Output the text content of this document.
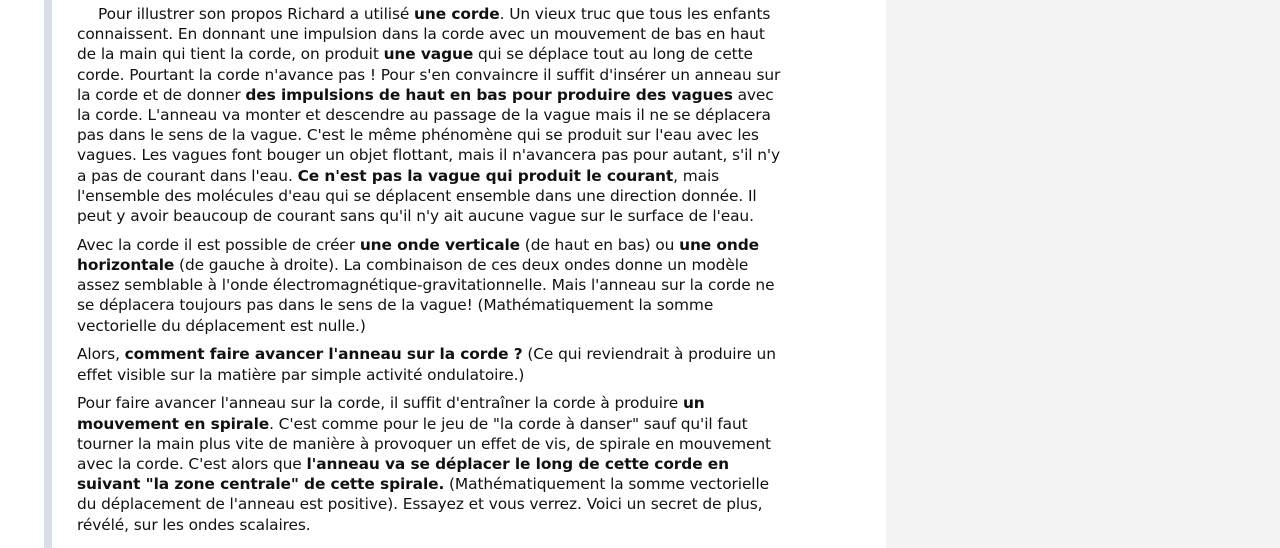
Pour illustrer son propos Richard a utilisé une corde. Un vieux truc que tous les enfants connaissent. En donnant une impulsion dans la corde avec un mouvement de bas en haut de la main qui tient la corde, on produit une vague qui se déplace tout au long de cette corde. Pourtant la corde n'avance pas ! Pour s'en convaincre il suffit d'insérer un anneau sur la corde et de donner des impulsions de haut en bas pour produire des vagues avec la corde. L'anneau va monter et descendre au passage de la vague mais il ne se déplacera pas dans le sens de la vague. C'est le même phénomène qui se produit sur l'eau avec les vagues. Les vagues font bouger un objet flottant, mais il n'avancera pas pour autant, s'il n'y a pas de courant dans l'eau. Ce n'est pas la vague qui produit le courant, mais l'ensemble des molécules d'eau qui se déplacent ensemble dans une direction donnée. Il peut y avoir beaucoup de courant sans qu'il n'y ait aucune vague sur le surface de l'eau.

Avec la corde il est possible de créer une onde verticale (de haut en bas) ou une onde horizontale (de gauche à droite). La combinaison de ces deux ondes donne un modèle assez semblable à l'onde électromagnétique-gravitationnelle. Mais l'anneau sur la corde ne se déplacera toujours pas dans le sens de la vague! (Mathématiquement la somme vectorielle du déplacement est nulle.)

Alors, comment faire avancer l'anneau sur la corde ? (Ce qui reviendrait à produire un effet visible sur la matière par simple activité ondulatoire.)

Pour faire avancer l'anneau sur la corde, il suffit d'entraîner la corde à produire un mouvement en spirale. C'est comme pour le jeu de "la corde à danser" sauf qu'il faut tourner la main plus vite de manière à provoquer un effet de vis, de spirale en mouvement avec la corde. C'est alors que l'anneau va se déplacer le long de cette corde en suivant "la zone centrale" de cette spirale. (Mathématiquement la somme vectorielle du déplacement de l'anneau est positive). Essayez et vous verrez. Voici un secret de plus, révélé, sur les ondes scalaires.
